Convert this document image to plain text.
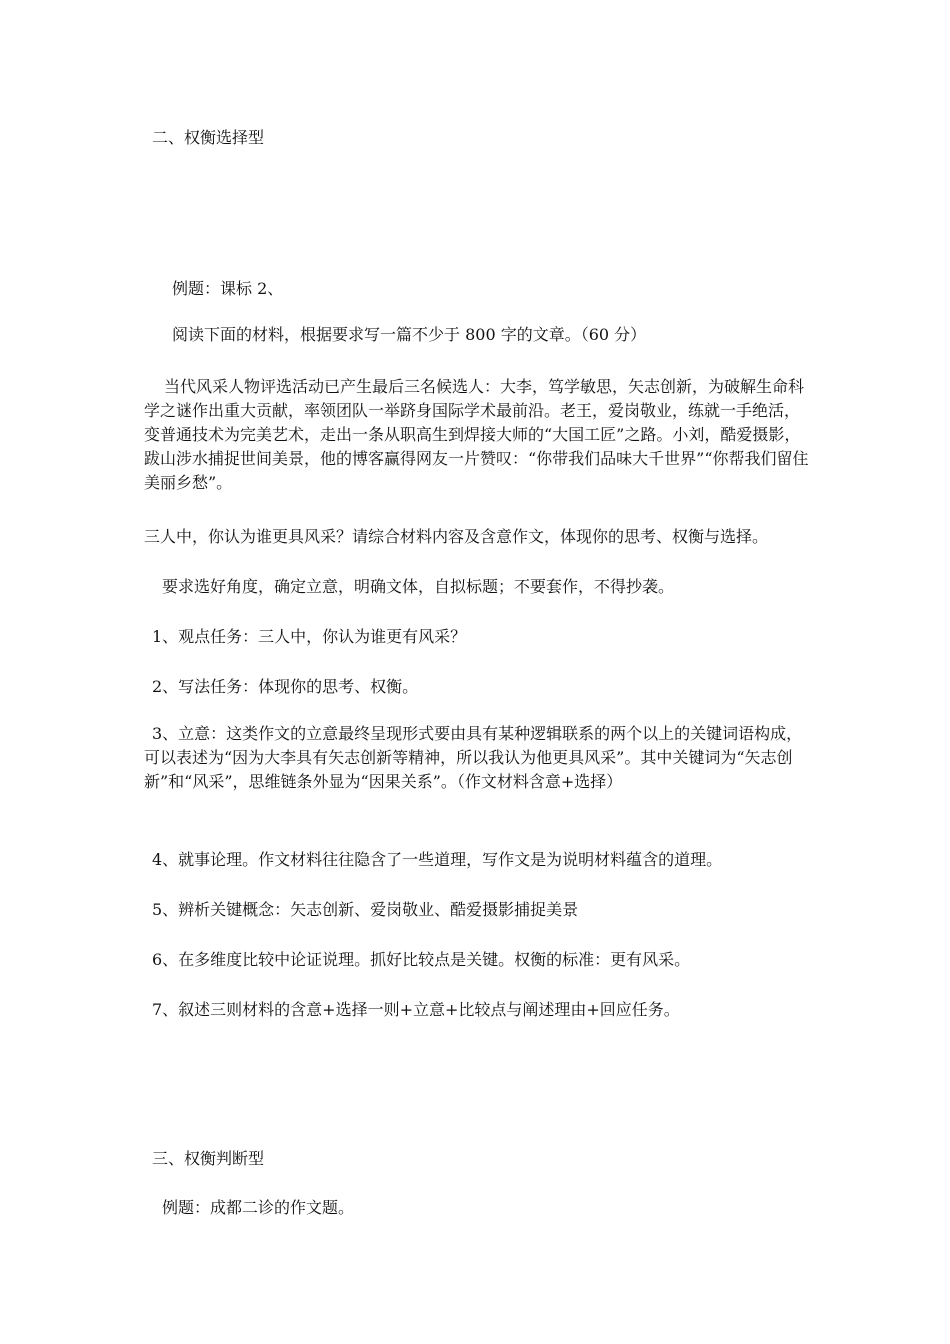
二、权衡选择型
例题：课标 2、
阅读下面的材料，根据要求写一篇不少于 800 字的文章。（60 分）
当代风采人物评选活动已产生最后三名候选人：大李，笃学敏思，矢志创新，为破解生命科学之谜作出重大贡献，率领团队一举跻身国际学术最前沿。老王，爱岗敬业，练就一手绝活，变普通技术为完美艺术，走出一条从职高生到焊接大师的“大国工匠”之路。小刘，酷爱摄影，跋山涉水捕捉世间美景，他的博客赢得网友一片赞叹：“你带我们品味大千世界”“你帮我们留住美丽乡愁”。
三人中，你认为谁更具风采？请综合材料内容及含意作文，体现你的思考、权衡与选择。
要求选好角度，确定立意，明确文体，自拟标题；不要套作，不得抄袭。
1、观点任务：三人中，你认为谁更有风采？
2、写法任务：体现你的思考、权衡。
3、立意：这类作文的立意最终呈现形式要由具有某种逻辑联系的两个以上的关键词语构成，可以表述为“因为大李具有矢志创新等精神，所以我认为他更具风采”。其中关键词为“矢志创新”和“风采”，思维链条外显为“因果关系”。（作文材料含意+选择）
4、就事论理。作文材料往往隐含了一些道理，写作文是为说明材料蕴含的道理。
5、辨析关键概念：矢志创新、爱岗敬业、酷爱摄影捕捉美景
6、在多维度比较中论证说理。抓好比较点是关键。权衡的标准：更有风采。
7、叙述三则材料的含意+选择一则+立意+比较点与阐述理由+回应任务。
三、权衡判断型
例题：成都二诊的作文题。
